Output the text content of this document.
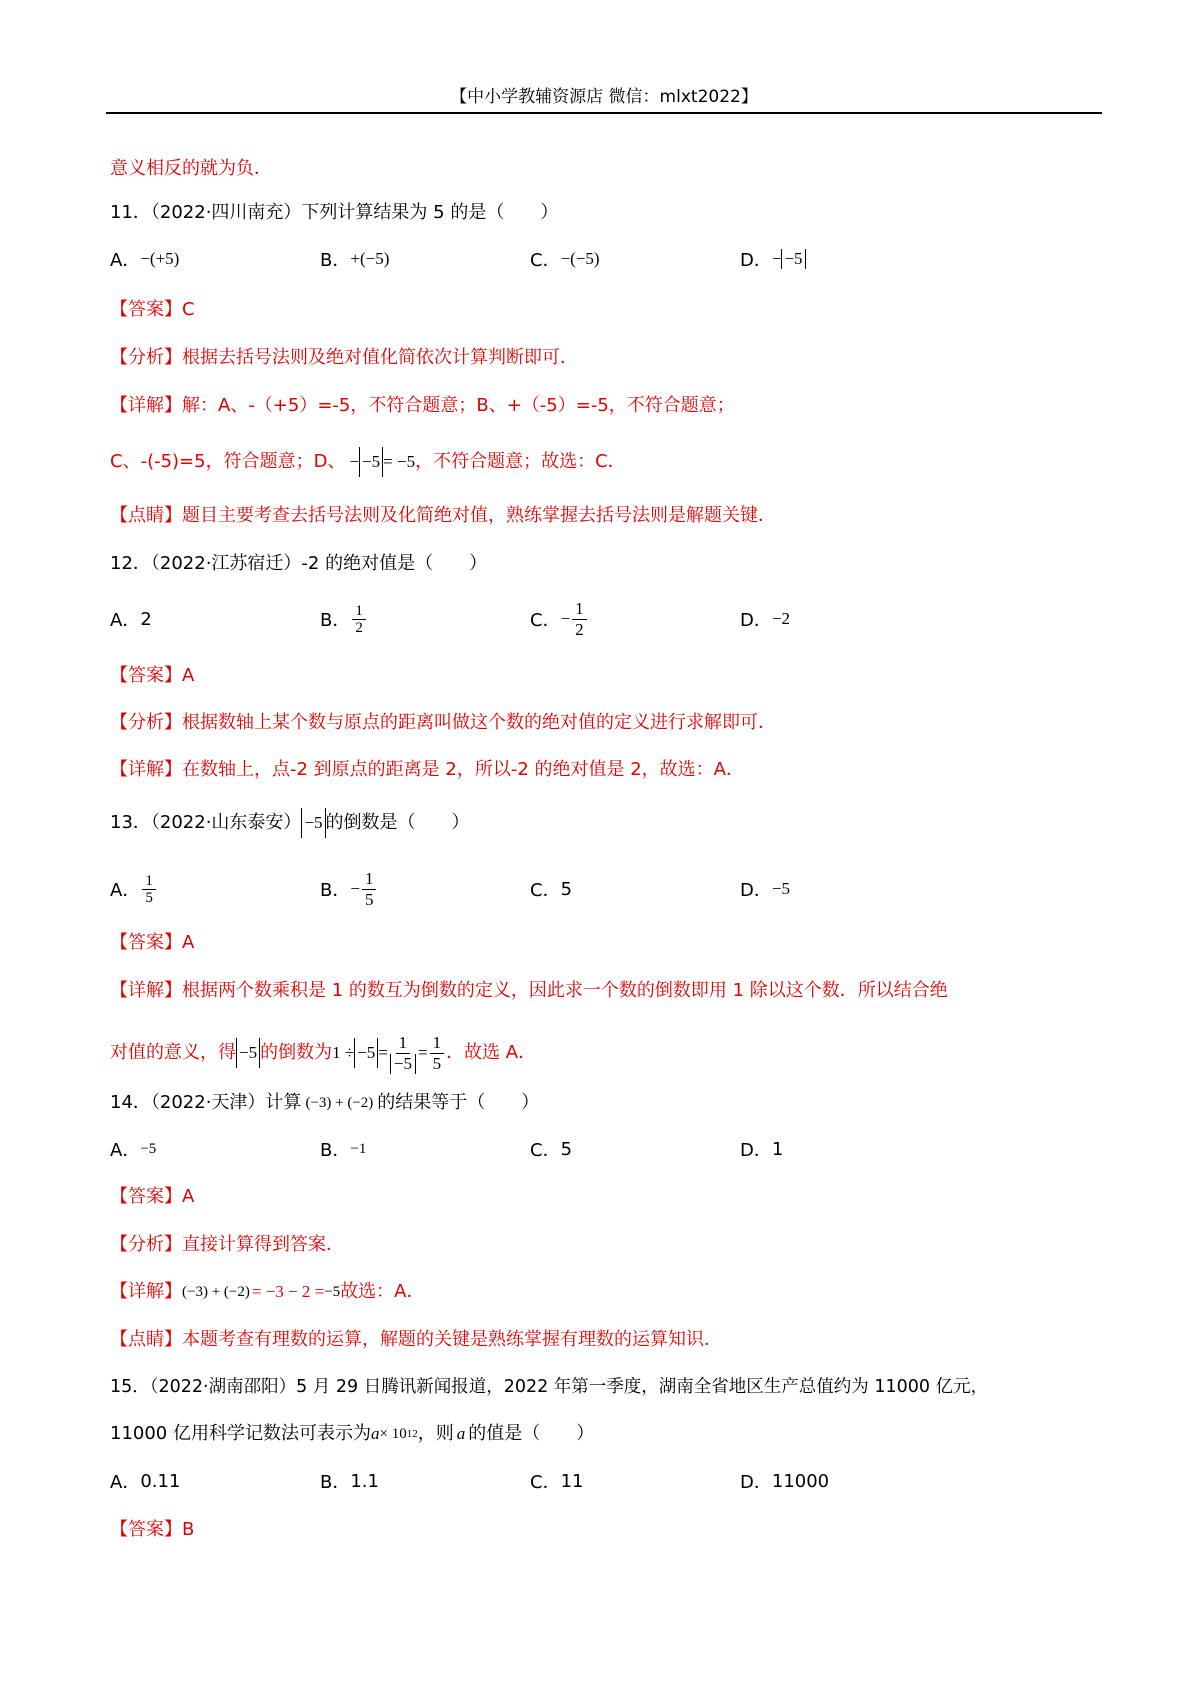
【中小学教辅资源店 微信：mlxt2022】
意义相反的就为负．
11．（2022·四川南充）下列计算结果为 5 的是（　　）
A． −(+5)	B． +(−5)	C． −(−5)	D． − −5
【答案】C
【分析】根据去括号法则及绝对值化简依次计算判断即可．
【详解】解：A、-（+5）=-5，不符合题意；B、+（-5）=-5，不符合题意；
C、-(-5)=5，符合题意；D、 − −5 = −5 ，不符合题意；故选：C．
【点睛】题目主要考查去括号法则及化简绝对值，熟练掌握去括号法则是解题关键．
12．（2022·江苏宿迁）-2 的绝对值是（　　）
A． 2	B． $\frac{1}{2}$	C． − $\frac{1}{2}$	D． −2
【答案】A
【分析】根据数轴上某个数与原点的距离叫做这个数的绝对值的定义进行求解即可．
【详解】在数轴上，点-2 到原点的距离是 2，所以-2 的绝对值是 2，故选：A．
13．（2022·山东泰安） −5 的倒数是（　　）
A． $\frac{1}{5}$	B． − $\frac{1}{5}$	C． 5	D． −5
【答案】A
【详解】根据两个数乘积是 1 的数互为倒数的定义，因此求一个数的倒数即用 1 除以这个数．所以结合绝
对值的意义，得 −5 的倒数为 $1 \div -5 = \frac{1}{-5} = \frac{1}{5}$ ．故选 A．
14．（2022·天津）计算 (−3) + (−2) 的结果等于（　　）
A． −5	B． −1	C． 5	D． 1
【答案】A
【分析】直接计算得到答案．
【详解】 (−3) + (−2) = −3 − 2 = −5 故选：A．
【点睛】本题考查有理数的运算，解题的关键是熟练掌握有理数的运算知识．
15．（2022·湖南邵阳）5 月 29 日腾讯新闻报道，2022 年第一季度，湖南全省地区生产总值约为 11000 亿元，
11000 亿用科学记数法可表示为 a × 10 12 ，则 a 的值是（　　）
A． 0.11	B． 1.1	C． 11	D． 11000
【答案】B
